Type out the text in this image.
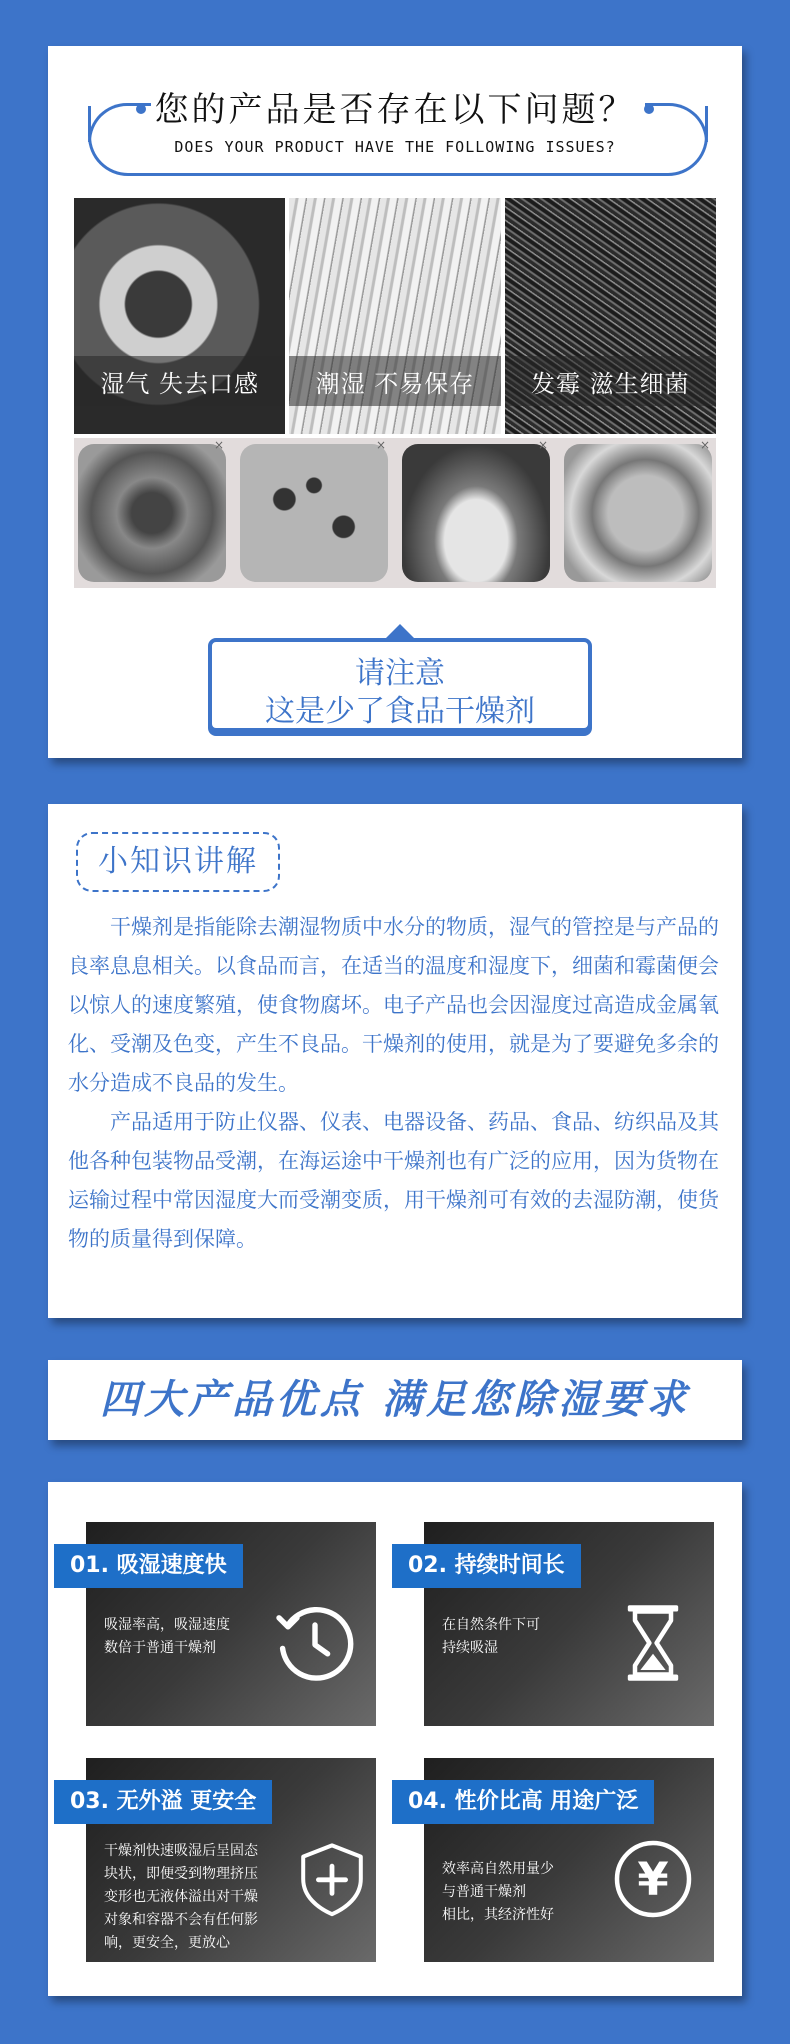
您的产品是否存在以下问题？
DOES YOUR PRODUCT HAVE THE FOLLOWING ISSUES?
湿气 失去口感	潮湿 不易保存	发霉 滋生细菌
×	×	×	×
请注意
这是少了食品干燥剂
小知识讲解

干燥剂是指能除去潮湿物质中水分的物质，湿气的管控是与产品的良率息息相关。以食品而言，在适当的温度和湿度下，细菌和霉菌便会以惊人的速度繁殖，使食物腐坏。电子产品也会因湿度过高造成金属氧化、受潮及色变，产生不良品。干燥剂的使用，就是为了要避免多余的水分造成不良品的发生。

产品适用于防止仪器、仪表、电器设备、药品、食品、纺织品及其他各种包装物品受潮，在海运途中干燥剂也有广泛的应用，因为货物在运输过程中常因湿度大而受潮变质，用干燥剂可有效的去湿防潮，使货物的质量得到保障。

四大产品优点 满足您除湿要求
01. 吸湿速度快
吸湿率高，吸湿速度
数倍于普通干燥剂
02. 持续时间长
在自然条件下可
持续吸湿
03. 无外溢 更安全
干燥剂快速吸湿后呈固态
块状，即便受到物理挤压
变形也无液体溢出对干燥
对象和容器不会有任何影
响，更安全，更放心
04. 性价比高 用途广泛
效率高自然用量少
与普通干燥剂
相比，其经济性好
¥
